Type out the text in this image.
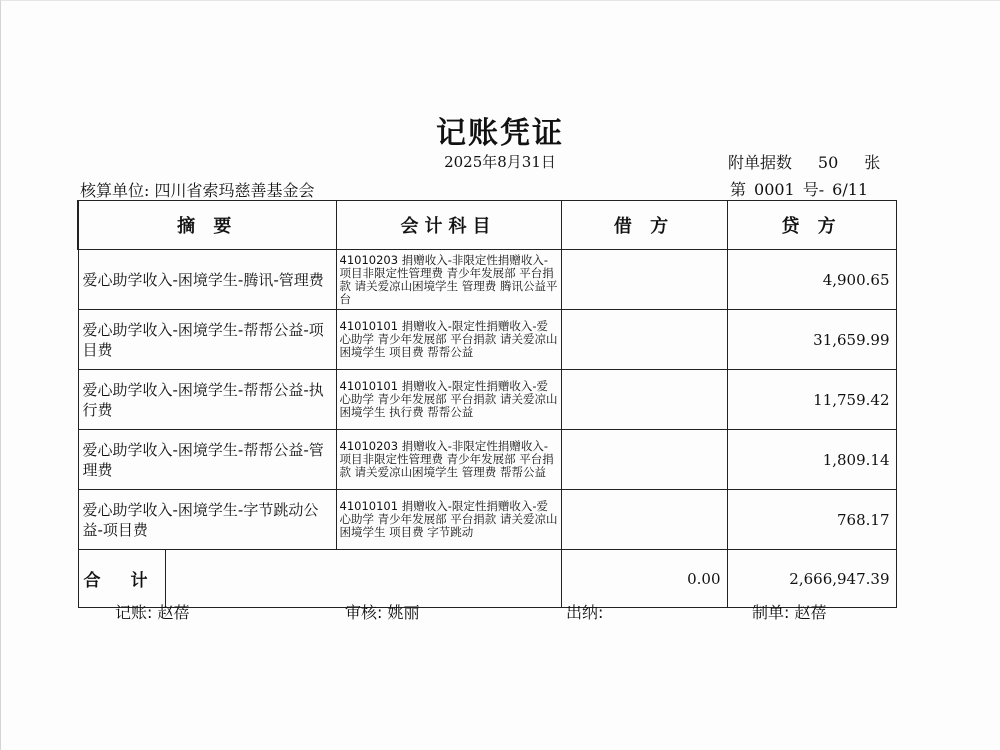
记账凭证
2025年8月31日	附单据数 50 张
核算单位: 四川省索玛慈善基金会	第 0001 号- 6/11
摘 要		会计科目	借 方	贷 方
爱心助学收入-困境学生-腾讯-管理费		41010203 捐赠收入-非限定性捐赠收入-项目非限定性管理费 青少年发展部 平台捐款 请关爱凉山困境学生 管理费 腾讯公益平台		4,900.65
爱心助学收入-困境学生-帮帮公益-项目费		41010101 捐赠收入-限定性捐赠收入-爱心助学 青少年发展部 平台捐款 请关爱凉山困境学生 项目费 帮帮公益		31,659.99
爱心助学收入-困境学生-帮帮公益-执行费		41010101 捐赠收入-限定性捐赠收入-爱心助学 青少年发展部 平台捐款 请关爱凉山困境学生 执行费 帮帮公益		11,759.42
爱心助学收入-困境学生-帮帮公益-管理费		41010203 捐赠收入-非限定性捐赠收入-项目非限定性管理费 青少年发展部 平台捐款 请关爱凉山困境学生 管理费 帮帮公益		1,809.14
爱心助学收入-困境学生-字节跳动公益-项目费		41010101 捐赠收入-限定性捐赠收入-爱心助学 青少年发展部 平台捐款 请关爱凉山困境学生 项目费 字节跳动		768.17
合 计			0.00	2,666,947.39
记账: 赵蓓	审核: 姚丽	出纳:	制单: 赵蓓
